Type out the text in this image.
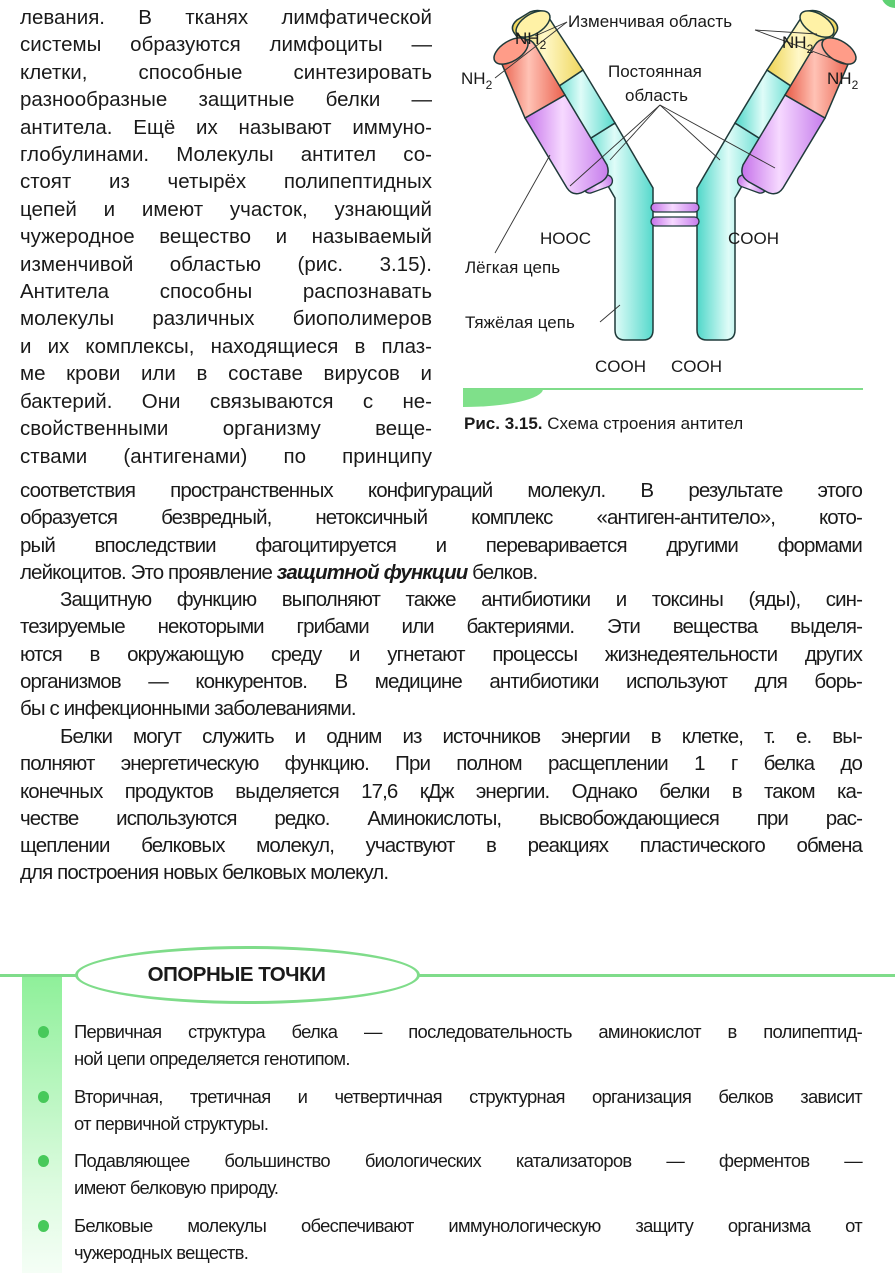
левания. В тканях лимфатической
системы образуются лимфоциты —
клетки, способные синтезировать
разнообразные защитные белки —
антитела. Ещё их называют иммуно-
глобулинами. Молекулы антител со-
стоят из четырёх полипептидных
цепей и имеют участок, узнающий
чужеродное вещество и называемый
изменчивой областью (рис. 3.15).
Антитела способны распознавать
молекулы различных биополимеров
и их комплексы, находящиеся в плаз-
ме крови или в составе вирусов и
бактерий. Они связываются с не-
свойственными организму веще-
ствами (антигенами) по принципу
Изменчивая область
Постоянная
область
$NH_2$
$NH_2$
$NH_2$
$NH_2$
HOOC	COOH
COOH COOH
Лёгкая цепь
Тяжёлая цепь
Рис. 3.15. Схема строения антител
соответствия пространственных конфигураций молекул. В результате этого
образуется безвредный, нетоксичный комплекс «антиген-антитело», кото-
рый впоследствии фагоцитируется и переваривается другими формами
лейкоцитов. Это проявление защитной функции белков.
Защитную функцию выполняют также антибиотики и токсины (яды), син-
тезируемые некоторыми грибами или бактериями. Эти вещества выделя-
ются в окружающую среду и угнетают процессы жизнедеятельности других
организмов — конкурентов. В медицине антибиотики используют для борь-
бы с инфекционными заболеваниями.
Белки могут служить и одним из источников энергии в клетке, т. е. вы-
полняют энергетическую функцию. При полном расщеплении 1 г белка до
конечных продуктов выделяется 17,6 кДж энергии. Однако белки в таком ка-
честве используются редко. Аминокислоты, высвобождающиеся при рас-
щеплении белковых молекул, участвуют в реакциях пластического обмена
для построения новых белковых молекул.
ОПОРНЫЕ ТОЧКИ
Первичная структура белка — последовательность аминокислот в полипептид-
ной цепи определяется генотипом.
Вторичная, третичная и четвертичная структурная организация белков зависит
от первичной структуры.
Подавляющее большинство биологических катализаторов — ферментов —
имеют белковую природу.
Белковые молекулы обеспечивают иммунологическую защиту организма от
чужеродных веществ.
